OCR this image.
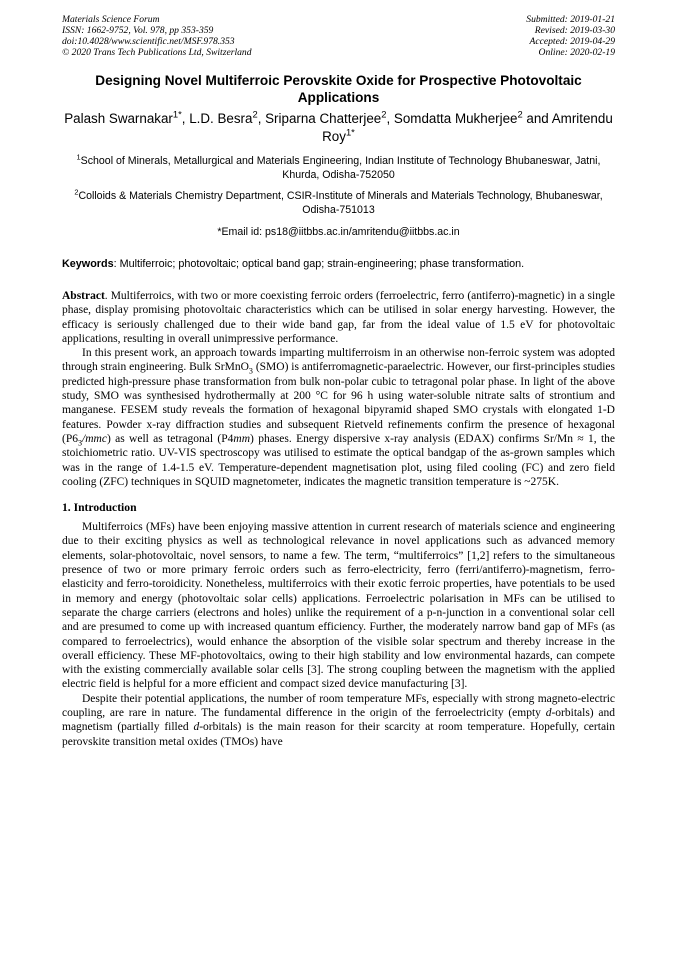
Materials Science Forum
ISSN: 1662-9752, Vol. 978, pp 353-359
doi:10.4028/www.scientific.net/MSF.978.353
© 2020 Trans Tech Publications Ltd, Switzerland
Submitted: 2019-01-21
Revised: 2019-03-30
Accepted: 2019-04-29
Online: 2020-02-19
Designing Novel Multiferroic Perovskite Oxide for Prospective Photovoltaic Applications
Palash Swarnakar$^{1*}$, L.D. Besra$^2$, Sriparna Chatterjee$^2$, Somdatta Mukherjee$^2$ and Amritendu Roy$^{1*}$
$^1$School of Minerals, Metallurgical and Materials Engineering, Indian Institute of Technology Bhubaneswar, Jatni, Khurda, Odisha-752050
$^2$Colloids & Materials Chemistry Department, CSIR-Institute of Minerals and Materials Technology, Bhubaneswar, Odisha-751013
*Email id: ps18@iitbbs.ac.in/amritendu@iitbbs.ac.in
Keywords: Multiferroic; photovoltaic; optical band gap; strain-engineering; phase transformation.

Abstract. Multiferroics, with two or more coexisting ferroic orders (ferroelectric, ferro (antiferro)-magnetic) in a single phase, display promising photovoltaic characteristics which can be utilised in solar energy harvesting. However, the efficacy is seriously challenged due to their wide band gap, far from the ideal value of 1.5 eV for photovoltaic applications, resulting in overall unimpressive performance.

In this present work, an approach towards imparting multiferroism in an otherwise non-ferroic system was adopted through strain engineering. Bulk SrMnO$_3$ (SMO) is antiferromagnetic-paraelectric. However, our first-principles studies predicted high-pressure phase transformation from bulk non-polar cubic to tetragonal polar phase. In light of the above study, SMO was synthesised hydrothermally at 200 °C for 96 h using water-soluble nitrate salts of strontium and manganese. FESEM study reveals the formation of hexagonal bipyramid shaped SMO crystals with elongated 1-D features. Powder x-ray diffraction studies and subsequent Rietveld refinements confirm the presence of hexagonal $(P6_3/mmc)$ as well as tetragonal (P4mm) phases. Energy dispersive x-ray analysis (EDAX) confirms Sr/Mn ≈ 1, the stoichiometric ratio. UV-VIS spectroscopy was utilised to estimate the optical bandgap of the as-grown samples which was in the range of 1.4-1.5 eV. Temperature-dependent magnetisation plot, using filed cooling (FC) and zero field cooling (ZFC) techniques in SQUID magnetometer, indicates the magnetic transition temperature is ~275K.

1. Introduction

Multiferroics (MFs) have been enjoying massive attention in current research of materials science and engineering due to their exciting physics as well as technological relevance in novel applications such as advanced memory elements, solar-photovoltaic, novel sensors, to name a few. The term, “multiferroics” [1,2] refers to the simultaneous presence of two or more primary ferroic orders such as ferro-electricity, ferro (ferri/antiferro)-magnetism, ferro-elasticity and ferro-toroidicity. Nonetheless, multiferroics with their exotic ferroic properties, have potentials to be used in memory and energy (photovoltaic solar cells) applications. Ferroelectric polarisation in MFs can be utilised to separate the charge carriers (electrons and holes) unlike the requirement of a p-n-junction in a conventional solar cell and are presumed to come up with increased quantum efficiency. Further, the moderately narrow band gap of MFs (as compared to ferroelectrics), would enhance the absorption of the visible solar spectrum and thereby increase in the overall efficiency. These MF-photovoltaics, owing to their high stability and low environmental hazards, can compete with the existing commercially available solar cells [3]. The strong coupling between the magnetism with the applied electric field is helpful for a more efficient and compact sized device manufacturing [3].

Despite their potential applications, the number of room temperature MFs, especially with strong magneto-electric coupling, are rare in nature. The fundamental difference in the origin of the ferroelectricity (empty d-orbitals) and magnetism (partially filled d-orbitals) is the main reason for their scarcity at room temperature. Hopefully, certain perovskite transition metal oxides (TMOs) have
